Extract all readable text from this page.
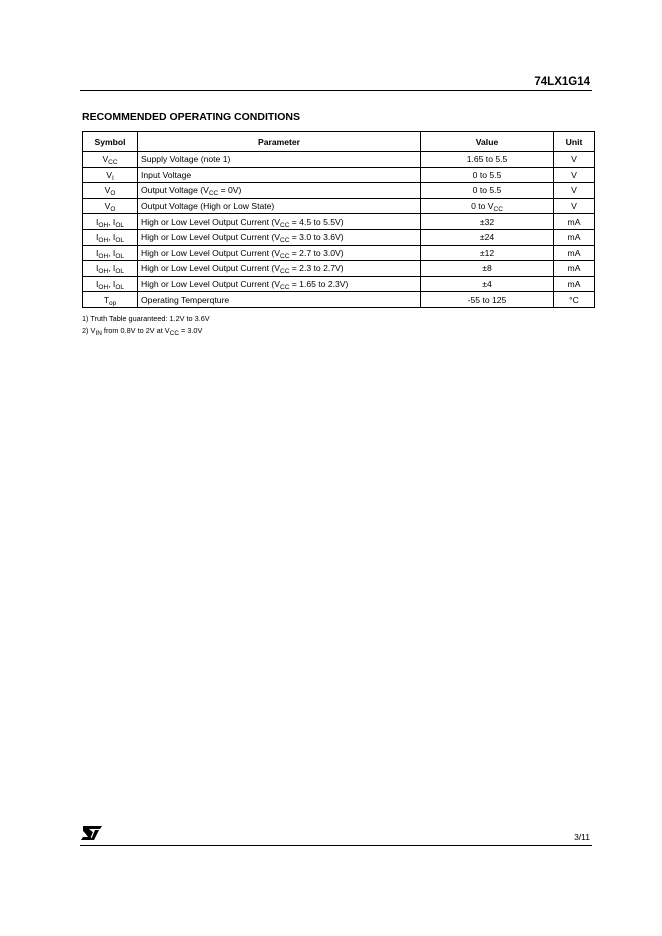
74LX1G14
RECOMMENDED OPERATING CONDITIONS
Symbol	Parameter	Value	Unit
$V_{CC}$	Supply Voltage (note 1)	1.65 to 5.5	V
$V_I$	Input Voltage	0 to 5.5	V
$V_O$	Output Voltage $(V_{CC} = 0V)$	0 to 5.5	V
$V_O$	Output Voltage (High or Low State)	0 to $V_{CC}$	V
$I_{OH}$, $I_{OL}$	High or Low Level Output Current ($V_{CC} = 4.5$ to 5.5V)	±32	mA
$I_{OH}$, $I_{OL}$	High or Low Level Output Current ($V_{CC} = 3.0$ to 3.6V)	±24	mA
$I_{OH}$, $I_{OL}$	High or Low Level Output Current ($V_{CC} = 2.7$ to 3.0V)	±12	mA
$I_{OH}$, $I_{OL}$	High or Low Level Output Current ($V_{CC} = 2.3$ to 2.7V)	±8	mA
$I_{OH}$, $I_{OL}$	High or Low Level Output Current ($V_{CC} = 1.65$ to 2.3V)	±4	mA
$T_{op}$	Operating Temperqture	-55 to 125	°C
1) Truth Table guaranteed: 1.2V to 3.6V
2) $V_{IN}$ from 0.8V to 2V at $V_{CC} = 3.0V$
3/11
